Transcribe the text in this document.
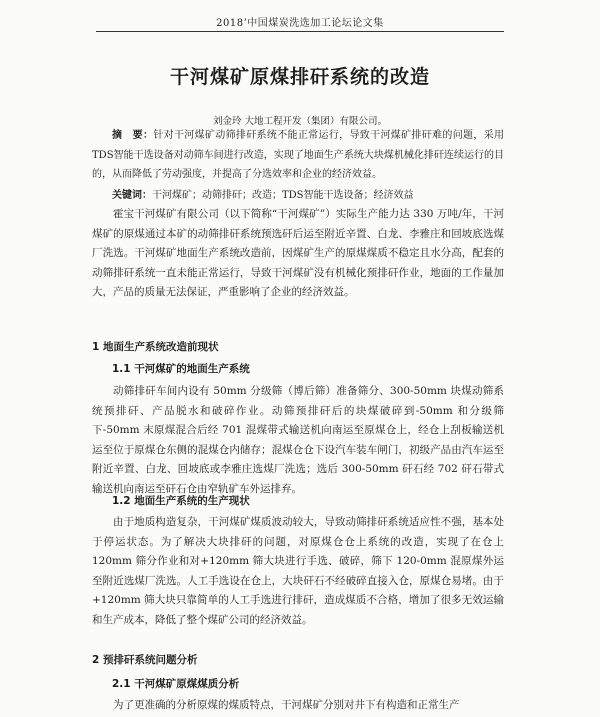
2018’中国煤炭洗选加工论坛论文集
干河煤矿原煤排矸系统的改造
刘金玲 大地工程开发（集团）有限公司。

摘　要：针对干河煤矿动筛排矸系统不能正常运行，导致干河煤矿排矸难的问题，采用TDS智能干选设备对动筛车间进行改造，实现了地面生产系统大块煤机械化排矸连续运行的目的，从而降低了劳动强度，并提高了分选效率和企业的经济效益。

关键词：干河煤矿；动筛排矸；改造；TDS智能干选设备；经济效益

霍宝干河煤矿有限公司（以下简称“干河煤矿”）实际生产能力达 330 万吨/年，干河煤矿的原煤通过本矿的动筛排矸系统预选矸后运至附近辛置、白龙、李雅庄和回坡底选煤厂洗选。干河煤矿地面生产系统改造前，因煤矿生产的原煤煤质不稳定且水分高，配套的动筛排矸系统一直未能正常运行，导致干河煤矿没有机械化预排矸作业，地面的工作量加大，产品的质量无法保证，严重影响了企业的经济效益。

1 地面生产系统改造前现状
1.1 干河煤矿的地面生产系统

动筛排矸车间内设有 50mm 分级筛（博后筛）准备筛分、300-50mm 块煤动筛系统预排矸、产品脱水和破碎作业。动筛预排矸后的块煤破碎到-50mm 和分级筛下-50mm 末原煤混合后经 701 混煤带式输送机向南运至原煤仓上，经仓上刮板输送机运至位于原煤仓东侧的混煤仓内储存；混煤仓仓下设汽车装车闸门，初级产品由汽车运至附近辛置、白龙、回坡底或李雅庄选煤厂洗选；选后 300-50mm 矸石经 702 矸石带式输送机向南运至矸石仓由窄轨矿车外运排弃。

1.2 地面生产系统的生产现状

由于地质构造复杂，干河煤矿煤质波动较大，导致动筛排矸系统适应性不强，基本处于停运状态。为了解决大块排矸的问题，对原煤仓仓上系统的改造，实现了在仓上 120mm 筛分作业和对+120mm 筛大块进行手选、破碎，筛下 120-0mm 混原煤外运至附近选煤厂洗选。人工手选设在仓上，大块矸石不经破碎直接入仓，原煤仓易堵。由于+120mm 筛大块只靠简单的人工手选进行排矸，造成煤质不合格，增加了很多无效运输和生产成本，降低了整个煤矿公司的经济效益。

2 预排矸系统问题分析
2.1 干河煤矿原煤煤质分析

为了更准确的分析原煤的煤质特点，干河煤矿分别对井下有构造和正常生产
